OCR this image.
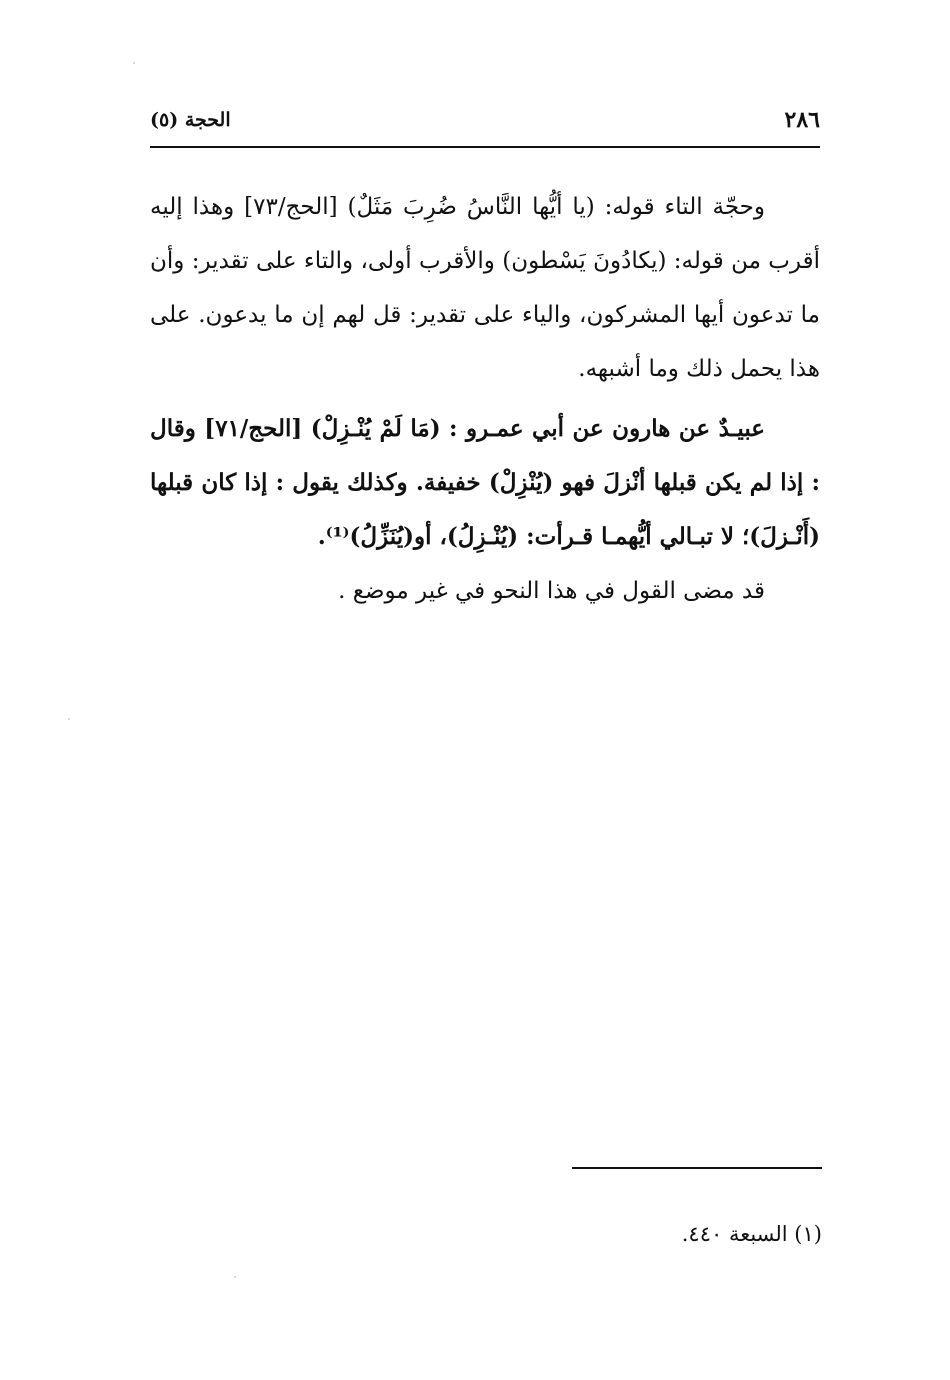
٢٨٦
الحجة (٥)

وحجّة التاء قوله: (يا أيُّها النَّاسُ ضُرِبَ مَثَلٌ) [الحج/٧٣] وهذا إليه أقرب من قوله: (يكادُونَ يَسْطون) والأقرب أولى، والتاء على تقدير: وأن ما تدعون أيها المشركون، والياء على تقدير: قل لهم إن ما يدعون. على هذا يحمل ذلك وما أشبهه.

عبيـدٌ عن هارون عن أبي عمـرو : (مَا لَمْ يُنْـزِلْ) [الحج/٧١] وقال : إذا لم يكن قبلها أنْزلَ فهو (يُنْزِلْ) خفيفة. وكذلك يقول : إذا كان قبلها (أَنْـزلَ)؛ لا تبـالي أيُّهمـا قـرأت: (يُنْـزِلُ)، أو(يُنَزِّلُ)⁽¹⁾.

قد مضى القول في هذا النحو في غير موضع .

(١) السبعة ٤٤٠.
